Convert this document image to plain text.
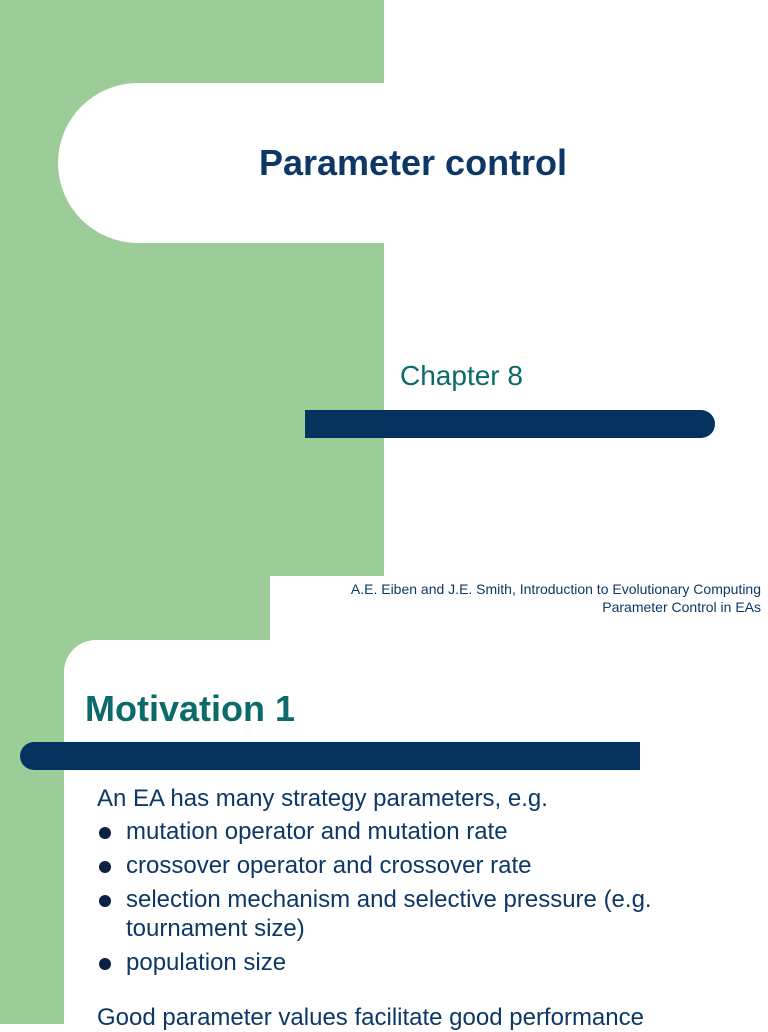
Parameter control
Chapter 8
A.E. Eiben and J.E. Smith, Introduction to Evolutionary Computing
Parameter Control in EAs
Motivation 1

An EA has many strategy parameters, e.g.

mutation operator and mutation rate
crossover operator and crossover rate
selection mechanism and selective pressure (e.g. tournament size)
population size

Good parameter values facilitate good performance
